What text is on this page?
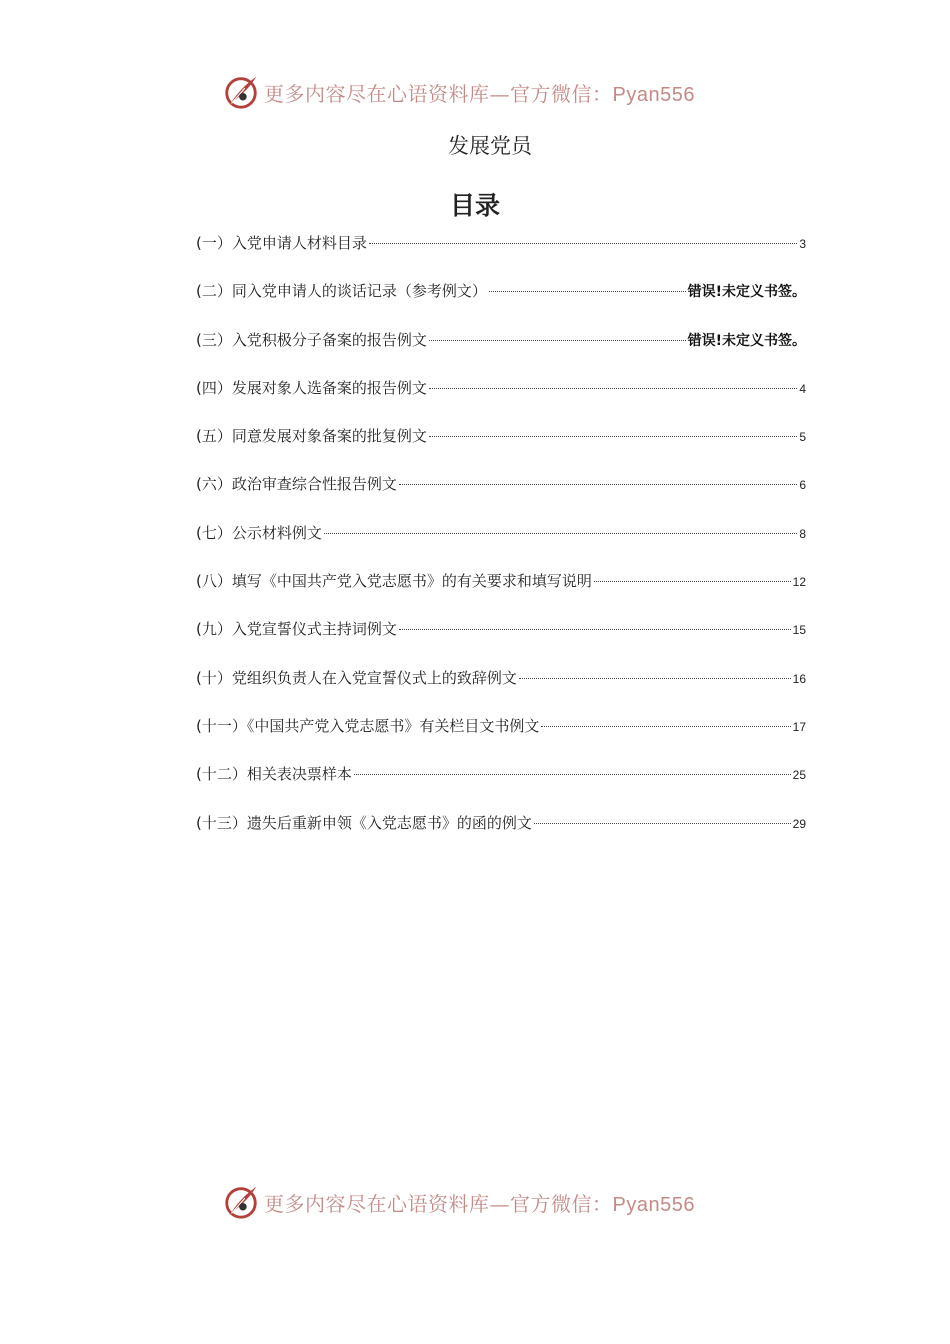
更多内容尽在心语资料库—官方微信：Pyan556
发展党员
目录
(一）入党申请人材料目录	3
(二）同入党申请人的谈话记录（参考例文）	错误!未定义书签。
(三）入党积极分子备案的报告例文	错误!未定义书签。
(四）发展对象人选备案的报告例文	4
(五）同意发展对象备案的批复例文	5
(六）政治审查综合性报告例文	6
(七）公示材料例文	8
(八）填写《中国共产党入党志愿书》的有关要求和填写说明	12
(九）入党宣誓仪式主持词例文	15
(十）党组织负责人在入党宣誓仪式上的致辞例文	16
(十一）《中国共产党入党志愿书》有关栏目文书例文	17
(十二）相关表决票样本	25
(十三）遗失后重新申领《入党志愿书》的函的例文	29
更多内容尽在心语资料库—官方微信：Pyan556
